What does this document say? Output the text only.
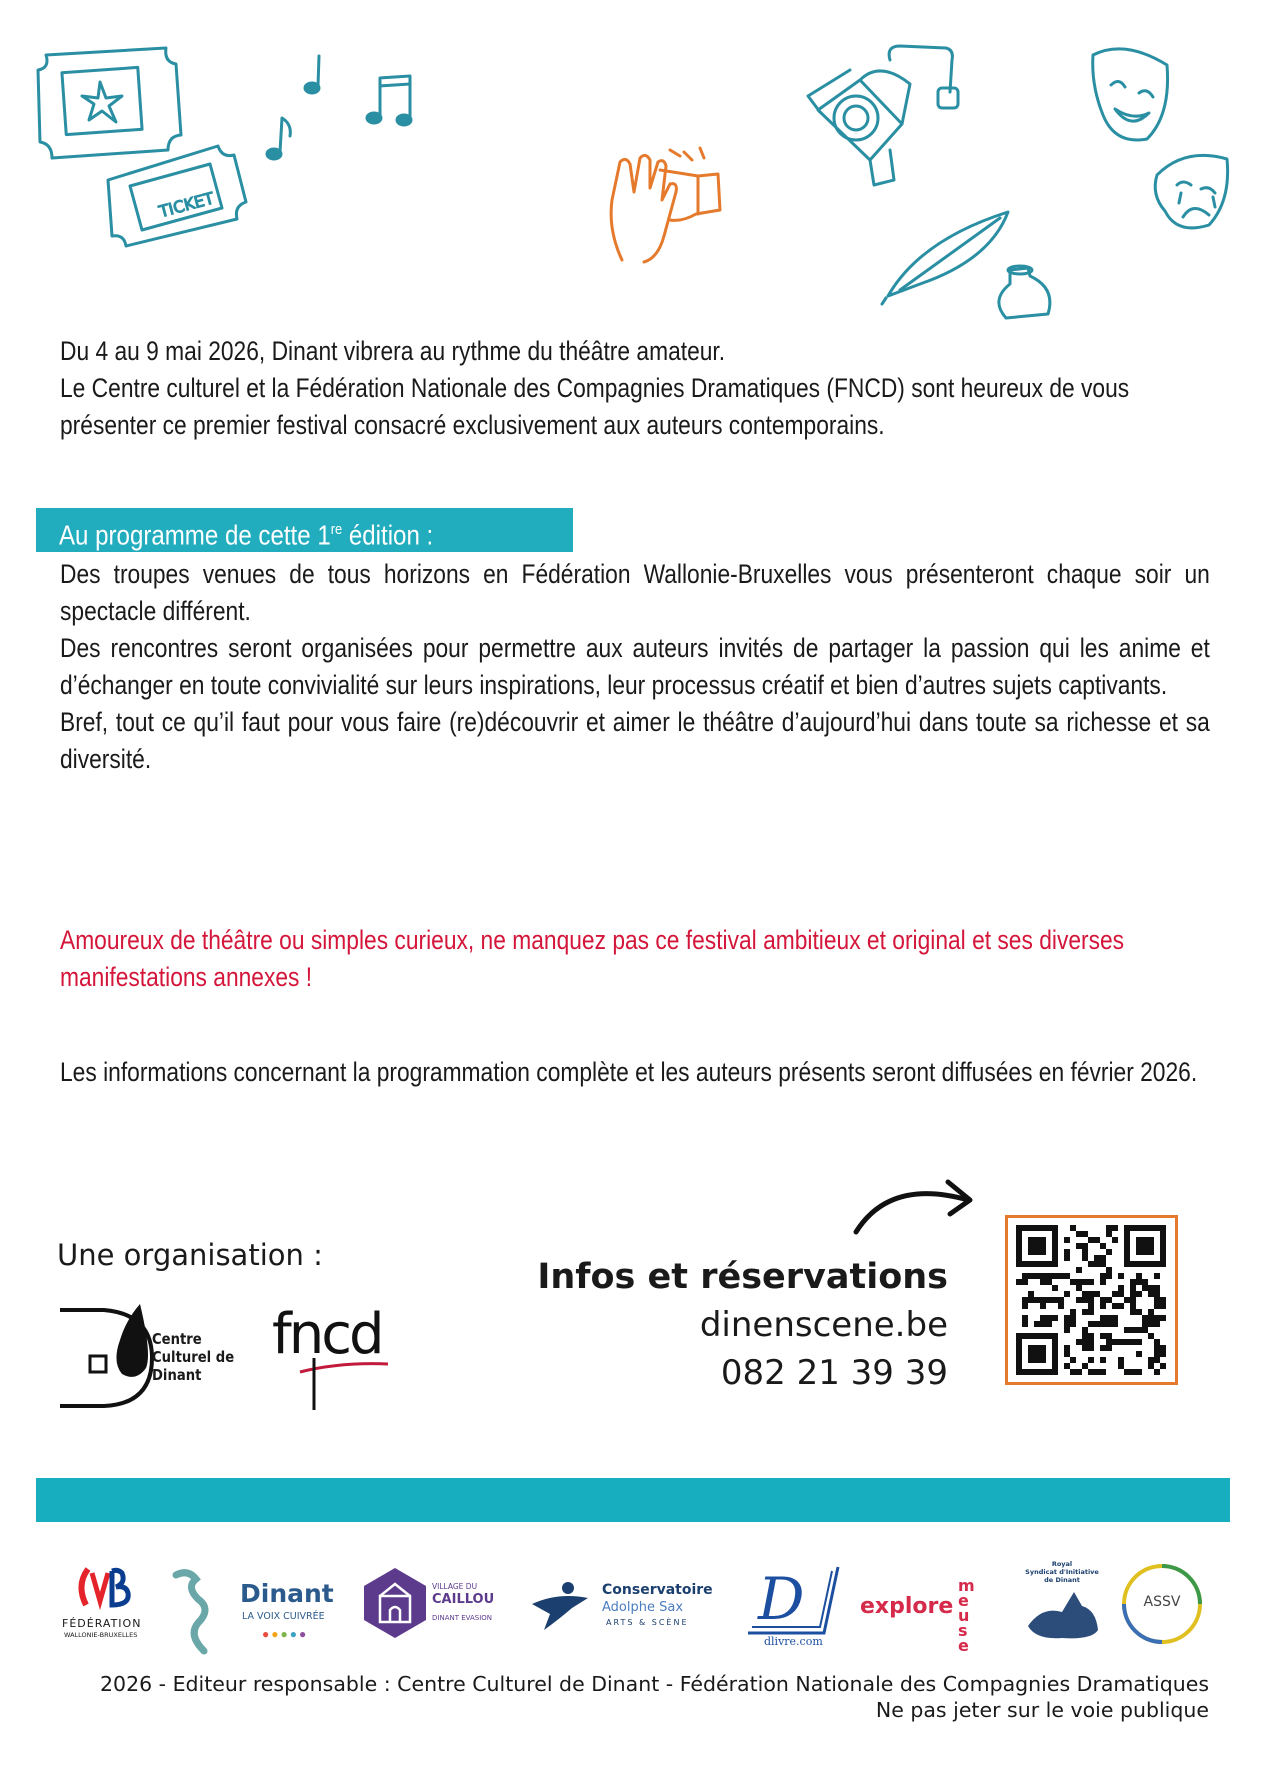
TICKET

Du 4 au 9 mai 2026, Dinant vibrera au rythme du théâtre amateur.

Le Centre culturel et la Fédération Nationale des Compagnies Dramatiques (FNCD) sont heureux de vous présenter ce premier festival consacré exclusivement aux auteurs contemporains.

Au programme de cette 1re édition :

Des troupes venues de tous horizons en Fédération Wallonie-Bruxelles vous présenteront chaque soir un spectacle différent.

Des rencontres seront organisées pour permettre aux auteurs invités de partager la passion qui les anime et d’échanger en toute convivialité sur leurs inspirations, leur processus créatif et bien d’autres sujets captivants.

Bref, tout ce qu’il faut pour vous faire (re)découvrir et aimer le théâtre d’aujourd’hui dans toute sa richesse et sa diversité.

Amoureux de théâtre ou simples curieux, ne manquez pas ce festival ambitieux et original et ses diverses manifestations annexes !

Les informations concernant la programmation complète et les auteurs présents seront diffusées en février 2026.

Une organisation :
Centre
Culturel de
Dinant
fncd
Infos et réservations
dinenscene.be
082 21 39 39
FÉDÉRATION
WALLONIE-BRUXELLES
Dinant
LA VOIX CUIVRÉE
●●●●●
VILLAGE DU
CAILLOU
DINANT EVASION
Conservatoire
Adolphe Sax
ARTS & SCÈNE D
dlivre.com
explore
meuse
Royal
Syndicat d'Initiative
de Dinant
ASSV
2026 - Editeur responsable : Centre Culturel de Dinant - Fédération Nationale des Compagnies Dramatiques
Ne pas jeter sur le voie publique
